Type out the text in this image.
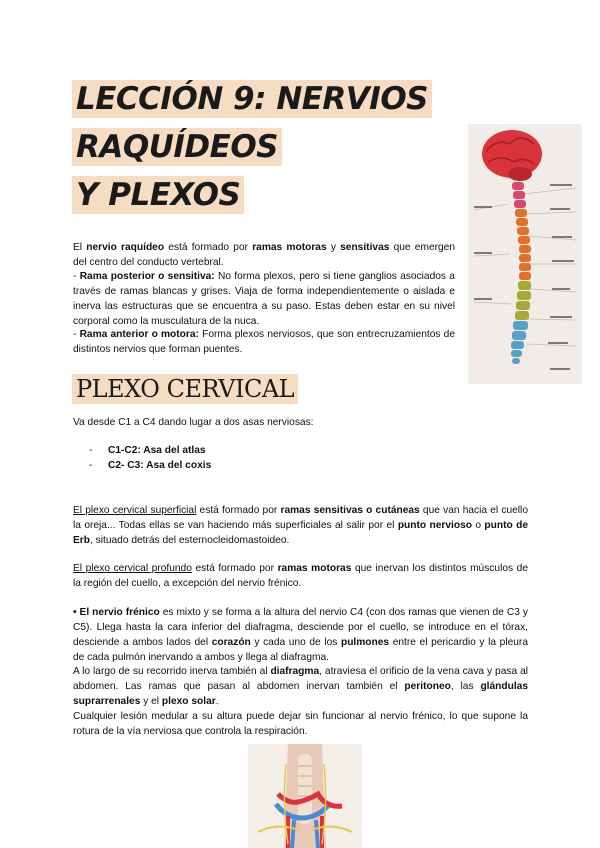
LECCIÓN 9: NERVIOS
RAQUÍDEOS
Y PLEXOS

El nervio raquídeo está formado por ramas motoras y sensitivas que emergen del centro del conducto vertebral.

- Rama posterior o sensitiva: No forma plexos, pero si tiene ganglios asociados a través de ramas blancas y grises. Viaja de forma independientemente o aislada e inerva las estructuras que se encuentra a su paso. Estas deben estar en su nivel corporal como la musculatura de la nuca.

- Rama anterior o motora: Forma plexos nerviosos, que son entrecruzamientos de distintos nervios que forman puentes.

PLEXO CERVICAL

Va desde C1 a C4 dando lugar a dos asas nerviosas:

- C1-C2: Asa del atlas
- C2- C3: Asa del coxis

El plexo cervical superficial está formado por ramas sensitivas o cutáneas que van hacia el cuello la oreja... Todas ellas se van haciendo más superficiales al salir por el punto nervioso o punto de Erb, situado detrás del esternocleidomastoideo.

El plexo cervical profundo está formado por ramas motoras que inervan los distintos músculos de la región del cuello, a excepción del nervio frénico.

• El nervio frénico es mixto y se forma a la altura del nervio C4 (con dos ramas que vienen de C3 y C5). Llega hasta la cara inferior del diafragma, desciende por el cuello, se introduce en el tórax, desciende a ambos lados del corazón y cada uno de los pulmones entre el pericardio y la pleura de cada pulmón inervando a ambos y llega al diafragma.

A lo largo de su recorrido inerva también al diafragma, atraviesa el orificio de la vena cava y pasa al abdomen. Las ramas que pasan al abdomen inervan también el peritoneo, las glándulas suprarrenales y el plexo solar.

Cualquier lesión medular a su altura puede dejar sin funcionar al nervio frénico, lo que supone la rotura de la vía nerviosa que controla la respiración.
